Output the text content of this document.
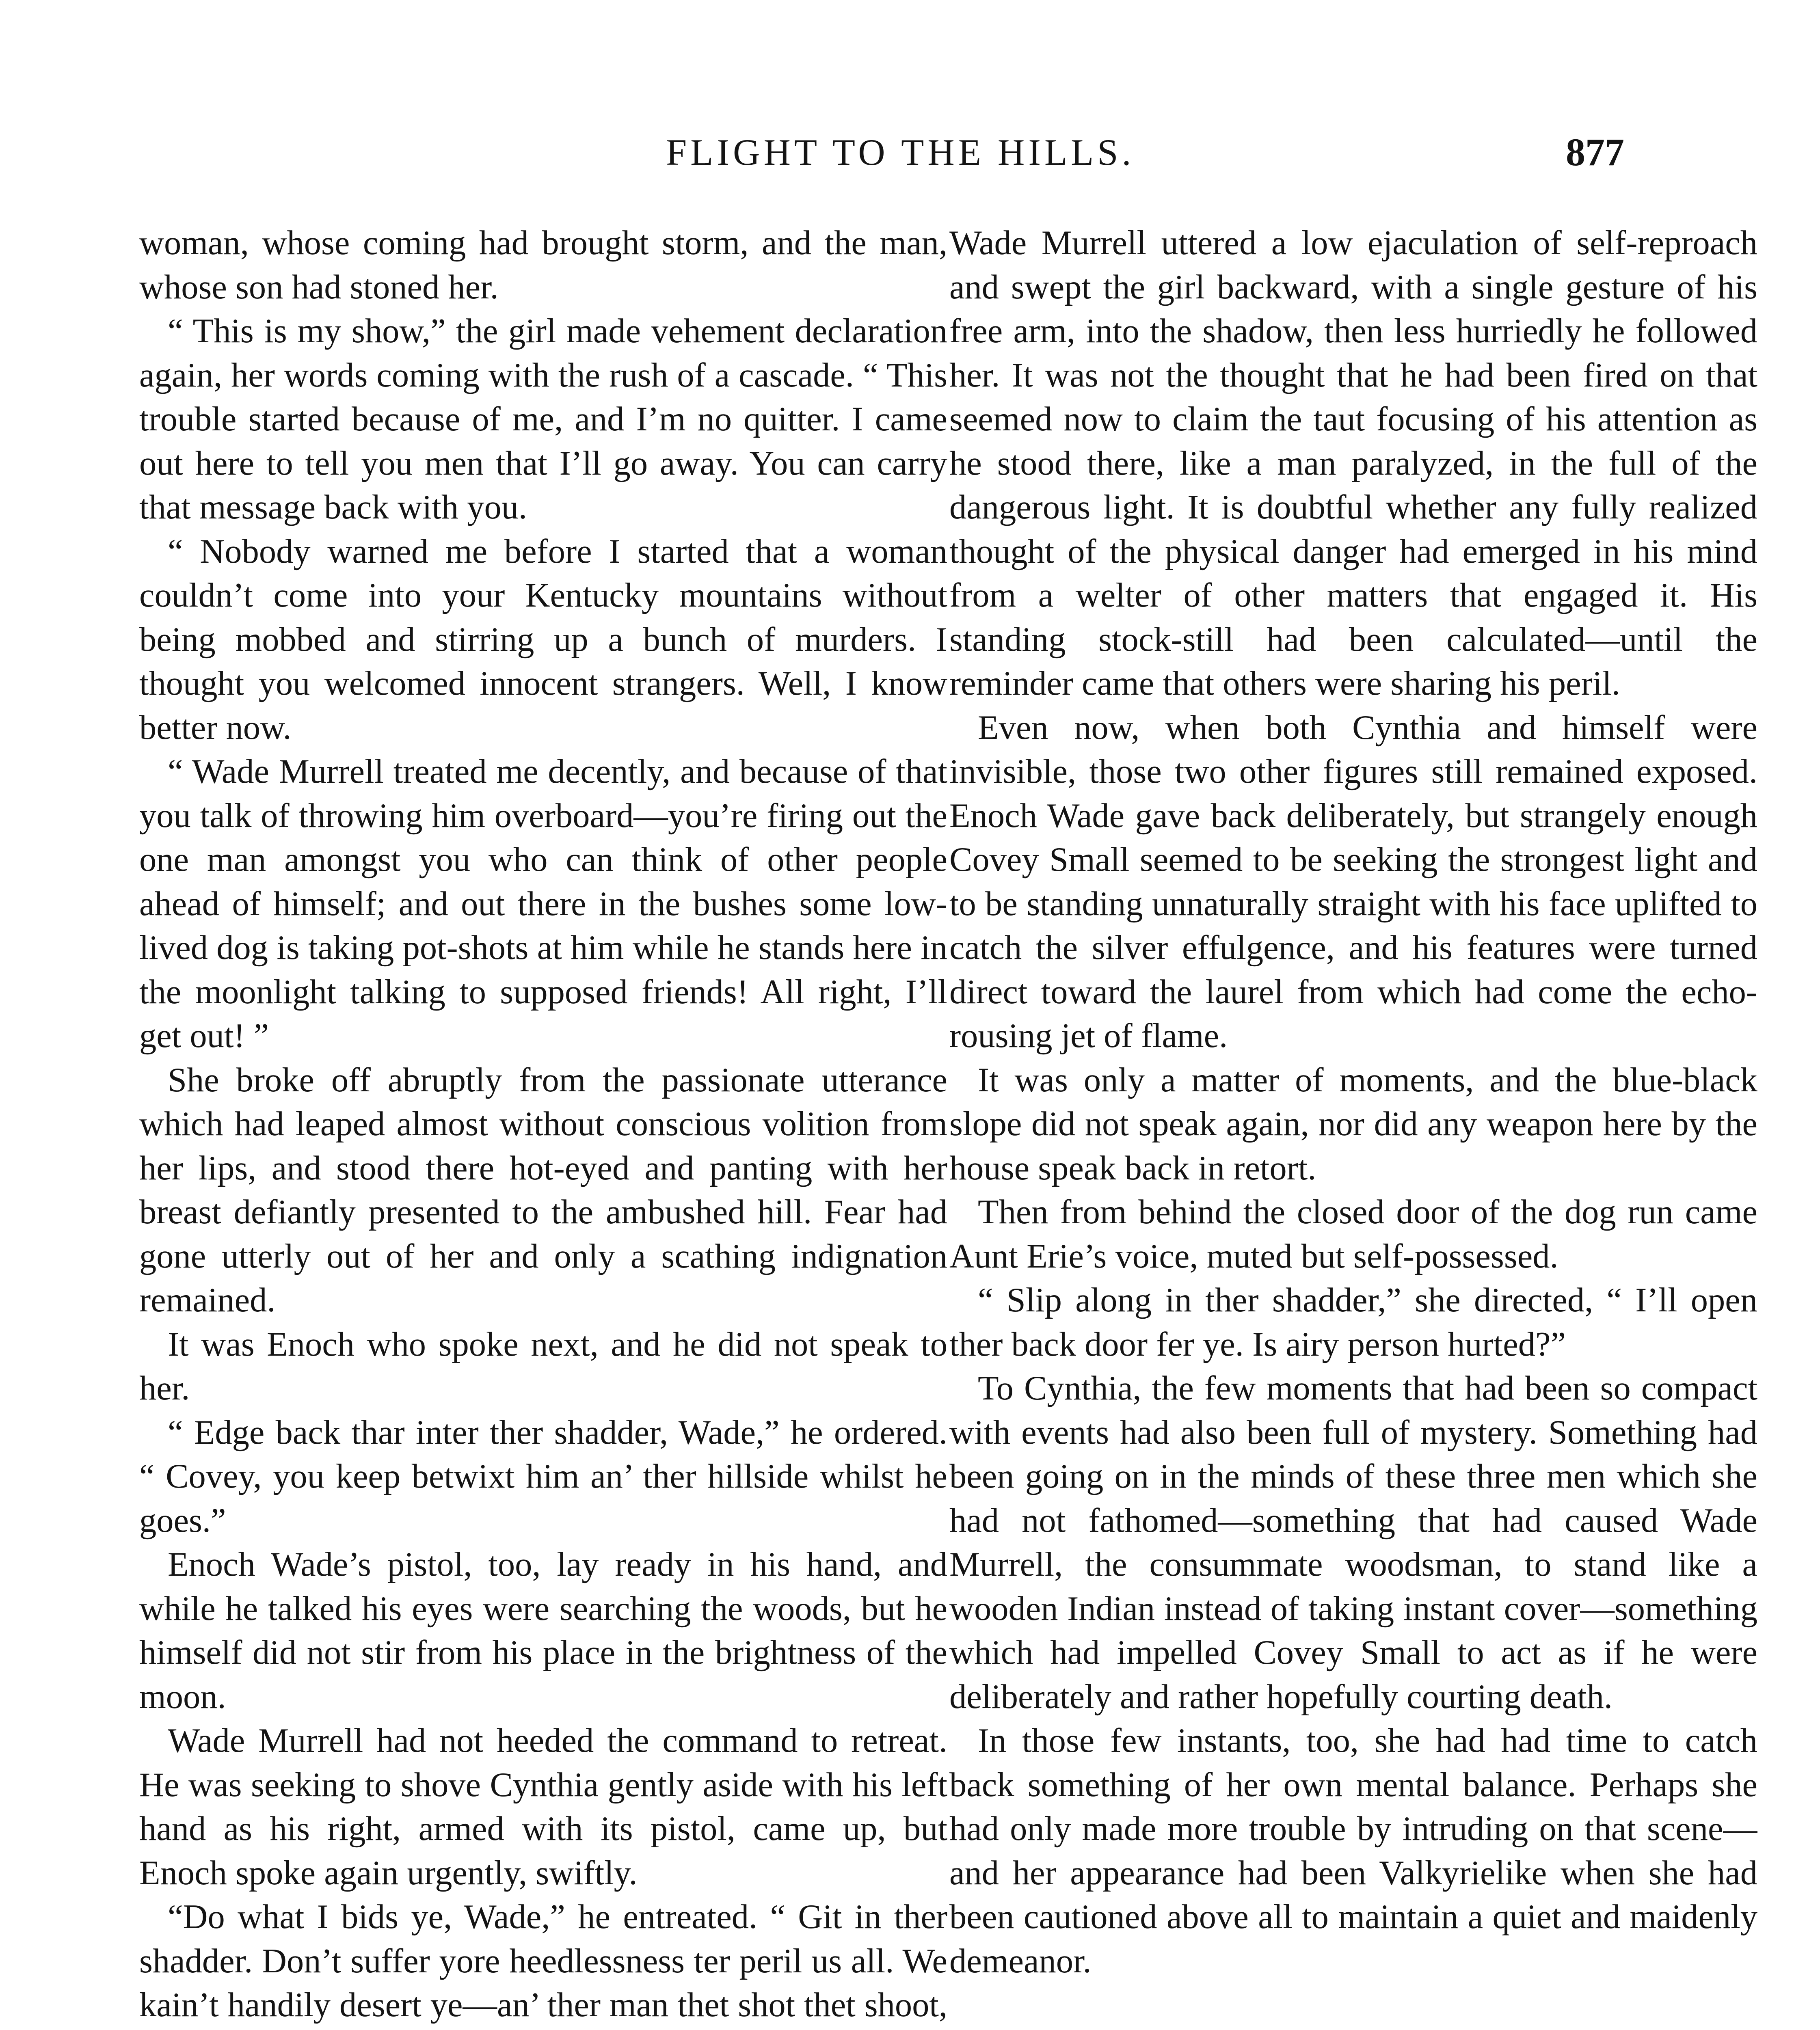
FLIGHT TO THE HILLS.	877

woman, whose coming had brought storm, and the man, whose son had stoned her.

“ This is my show,” the girl made vehement declaration again, her words coming with the rush of a cascade. “ This trouble started because of me, and I’m no quitter. I came out here to tell you men that I’ll go away. You can carry that message back with you.

“ Nobody warned me before I started that a woman couldn’t come into your Kentucky mountains without being mobbed and stirring up a bunch of murders. I thought you welcomed innocent strangers. Well, I know better now.

“ Wade Murrell treated me decently, and because of that you talk of throwing him overboard—you’re firing out the one man amongst you who can think of other people ahead of himself; and out there in the bushes some low-lived dog is taking pot-shots at him while he stands here in the moonlight talking to supposed friends! All right, I’ll get out! ”

She broke off abruptly from the passionate utterance which had leaped almost without conscious volition from her lips, and stood there hot-eyed and panting with her breast defiantly presented to the ambushed hill. Fear had gone utterly out of her and only a scathing indignation remained.

It was Enoch who spoke next, and he did not speak to her.

“ Edge back thar inter ther shadder, Wade,” he ordered. “ Covey, you keep betwixt him an’ ther hillside whilst he goes.”

Enoch Wade’s pistol, too, lay ready in his hand, and while he talked his eyes were searching the woods, but he himself did not stir from his place in the brightness of the moon.

Wade Murrell had not heeded the command to retreat. He was seeking to shove Cynthia gently aside with his left hand as his right, armed with its pistol, came up, but Enoch spoke again urgently, swiftly.

“Do what I bids ye, Wade,” he entreated. “ Git in ther shadder. Don’t suffer yore heedlessness ter peril us all. We kain’t handily desert ye—an’ ther man thet shot thet shoot,

Wade Murrell uttered a low ejaculation of self-reproach and swept the girl backward, with a single gesture of his free arm, into the shadow, then less hurriedly he followed her. It was not the thought that he had been fired on that seemed now to claim the taut focusing of his attention as he stood there, like a man paralyzed, in the full of the dangerous light. It is doubtful whether any fully realized thought of the physical danger had emerged in his mind from a welter of other matters that engaged it. His standing stock-still had been calculated—until the reminder came that others were sharing his peril.

Even now, when both Cynthia and himself were invisible, those two other figures still remained exposed. Enoch Wade gave back deliberately, but strangely enough Covey Small seemed to be seeking the strongest light and to be standing unnaturally straight with his face uplifted to catch the silver effulgence, and his features were turned direct toward the laurel from which had come the echo-rousing jet of flame.

It was only a matter of moments, and the blue-black slope did not speak again, nor did any weapon here by the house speak back in retort.

Then from behind the closed door of the dog run came Aunt Erie’s voice, muted but self-possessed.

“ Slip along in ther shadder,” she directed, “ I’ll open ther back door fer ye. Is airy person hurted?”

To Cynthia, the few moments that had been so compact with events had also been full of mystery. Something had been going on in the minds of these three men which she had not fathomed—something that had caused Wade Murrell, the consummate woodsman, to stand like a wooden Indian instead of taking instant cover—something which had impelled Covey Small to act as if he were deliberately and rather hopefully courting death.

In those few instants, too, she had had time to catch back something of her own mental balance. Perhaps she had only made more trouble by intruding on that scene—and her appearance had been Valkyrielike when she had been cautioned above all to maintain a quiet and maidenly demeanor.
